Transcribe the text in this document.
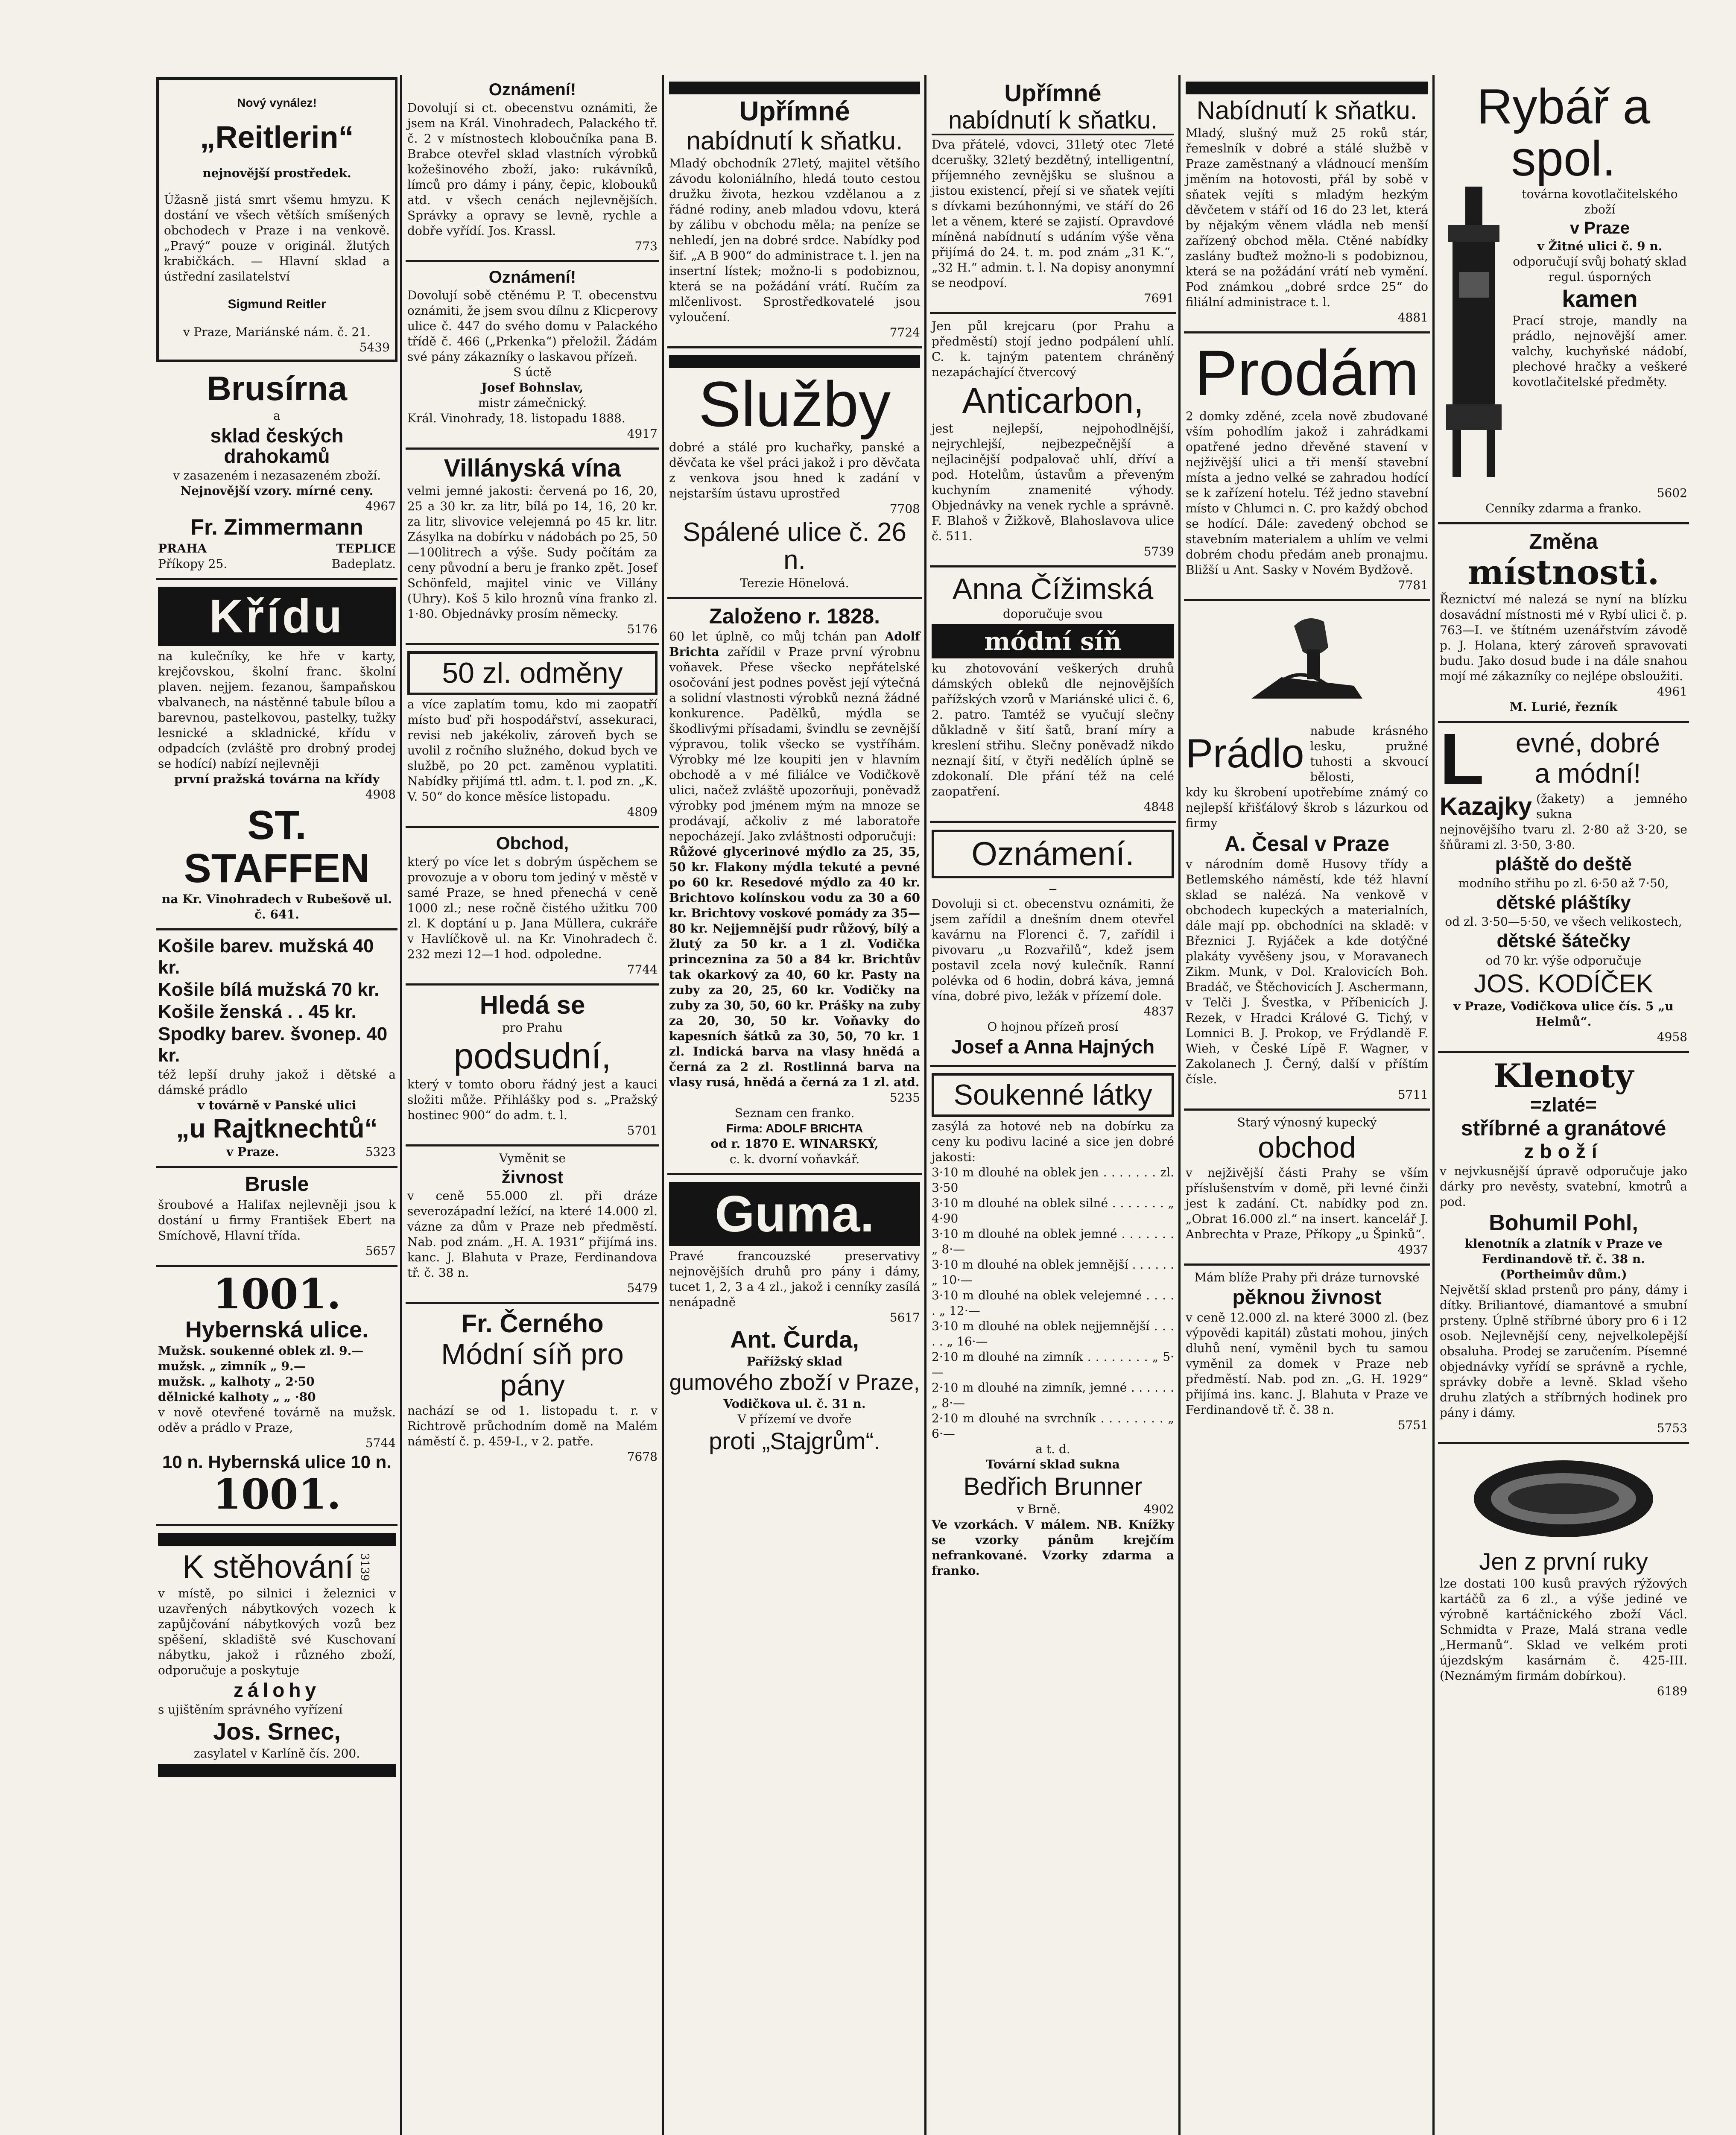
Nový vynález!

„Reitlerin“

nejnovější prostředek.

Úžasně jistá smrt všemu hmyzu. K dostání ve všech větších smíšených obchodech v Praze i na venkově. „Pravý“ pouze v originál. žlutých krabičkách. — Hlavní sklad a ústřední zasilatelství

Sigmund Reitler

v Praze, Mariánské nám. č. 21.

5439

Brusírna

a

sklad českých drahokamů

v zasazeném i nezasazeném zboží.

Nejnovější vzory. mírné ceny.

4967

Fr. Zimmermann

PRAHA	TEPLICE
Příkopy 25.	Badeplatz.
Křídu

na kulečníky, ke hře v karty, krejčovskou, školní franc. školní plaven. nejjem. fezanou, šampaňskou vbalvanech, na nástěnné tabule bílou a barevnou, pastelkovou, pastelky, tužky lesnické a skladnické, křídu v odpadcích (zvláště pro drobný prodej se hodící) nabízí nejlevněji

první pražská továrna na křídy

4908

ST. STAFFEN

na Kr. Vinohradech v Rubešově ul. č. 641.

Košile barev. mužská 40 kr.

Košile bílá mužská 70 kr.

Košile ženská . . 45 kr.

Spodky barev. švonep. 40 kr.

též lepší druhy jakož i dětské a dámské prádlo

v továrně v Panské ulici

„u Rajtknechtů“

v Praze.	5323

Brusle

šroubové a Halifax nejlevněji jsou k dostání u firmy František Ebert na Smíchově, Hlavní třída.

5657

1001.

Hybernská ulice.

Mužsk. soukenné oblek zl. 9.—

mužsk. „ zimník „ 9.—

mužsk. „ kalhoty „ 2·50

dělnické kalhoty „ „ ·80

v nově otevřené továrně na mužsk. oděv a prádlo v Praze,

5744

10 n. Hybernská ulice 10 n.

1001.

K stěhování 3139

v místě, po silnici i železnici v uzavřených nábytkových vozech k zapůjčování nábytkových vozů bez spěšení, skladiště své Kuschovaní nábytku, jakož i různého zboží, odporučuje a poskytuje

zálohy

s ujištěním správného vyřízení

Jos. Srnec,

zasylatel v Karlíně čís. 200.

Oznámení!

Dovolují si ct. obecenstvu oznámiti, že jsem na Král. Vinohradech, Palackého tř. č. 2 v místnostech kloboučníka pana B. Brabce otevřel sklad vlastních výrobků kožešinového zboží, jako: rukávníků, límců pro dámy i pány, čepic, klobouků atd. v všech cenách nejlevnějších. Správky a opravy se levně, rychle a dobře vyřídí. Jos. Krassl.

773

Oznámení!

Dovolují sobě ctěnému P. T. obecenstvu oznámiti, že jsem svou dílnu z Klicperovy ulice č. 447 do svého domu v Palackého třídě č. 466 („Prkenka“) přeložil. Žádám své pány zákazníky o laskavou přízeň.

S úctě

Josef Bohnslav,

mistr zámečnický.

Král. Vinohrady, 18. listopadu 1888.

4917

Villányská vína

velmi jemné jakosti: červená po 16, 20, 25 a 30 kr. za litr, bílá po 14, 16, 20 kr. za litr, slivovice velejemná po 45 kr. litr. Zásylka na dobírku v nádobách po 25, 50—100litrech a výše. Sudy počítám za ceny původní a beru je franko zpět. Josef Schönfeld, majitel vinic ve Villány (Uhry). Koš 5 kilo hroznů vína franko zl. 1·80. Objednávky prosím německy.

5176

50 zl. odměny

a více zaplatím tomu, kdo mi zaopatří místo buď při hospodářství, assekuraci, revisi neb jakékoliv, zároveň bych se uvolil z ročního služného, dokud bych ve službě, po 20 pct. zaměnou vyplatiti. Nabídky přijímá ttl. adm. t. l. pod zn. „K. V. 50“ do konce měsíce listopadu.

4809

Obchod,

který po více let s dobrým úspěchem se provozuje a v oboru tom jediný v městě v samé Praze, se hned přenechá v ceně 1000 zl.; nese ročně čistého užitku 700 zl. K doptání u p. Jana Müllera, cukráře v Havlíčkově ul. na Kr. Vinohradech č. 232 mezi 12—1 hod. odpoledne.

7744

Hledá se

pro Prahu

podsudní,

který v tomto oboru řádný jest a kauci složiti může. Přihlášky pod s. „Pražský hostinec 900“ do adm. t. l.

5701

Vyměnit se

živnost

v ceně 55.000 zl. při dráze severozápadní ležící, na které 14.000 zl. vázne za dům v Praze neb předměstí. Nab. pod znám. „H. A. 1931“ přijímá ins. kanc. J. Blahuta v Praze, Ferdinandova tř. č. 38 n.

5479

Fr. Černého

Módní síň pro pány

nachází se od 1. listopadu t. r. v Richtrově průchodním domě na Malém náměstí č. p. 459-I., v 2. patře.

7678

Upřímné

nabídnutí k sňatku.

Mladý obchodník 27letý, majitel většího závodu koloniálního, hledá touto cestou družku života, hezkou vzdělanou a z řádné rodiny, aneb mladou vdovu, která by zálibu v obchodu měla; na peníze se nehledí, jen na dobré srdce. Nabídky pod šif. „A B 900“ do administrace t. l. jen na insertní lístek; možno-li s podobiznou, která se na požádání vrátí. Ručím za mlčenlivost. Sprostředkovatelé jsou vyloučení.

7724

Služby

dobré a stálé pro kuchařky, panské a děvčata ke všel práci jakož i pro děvčata z venkova jsou hned k zadání v nejstarším ústavu uprostřed

7708

Spálené ulice č. 26 n.

Terezie Hönelová.

Založeno r. 1828.

60 let úplně, co můj tchán pan Adolf Brichta zařídil v Praze první výrobnu voňavek. Přese všecko nepřátelské osočování jest podnes pověst její výtečná a solidní vlastnosti výrobků nezná žádné konkurence. Padělků, mýdla se škodlivými přísadami, švindlu se zevnější výpravou, tolik všecko se vystříhám. Výrobky mé lze koupiti jen v hlavním obchodě a v mé filiálce ve Vodičkově ulici, načež zvláště upozorňuji, poněvadž výrobky pod jménem mým na mnoze se prodávají, ačkoliv z mé laboratoře nepocházejí. Jako zvláštnosti odporučuji:

Růžové glycerinové mýdlo za 25, 35, 50 kr. Flakony mýdla tekuté a pevné po 60 kr. Resedové mýdlo za 40 kr. Brichtovo kolínskou vodu za 30 a 60 kr. Brichtovy voskové pomády za 35—80 kr. Nejjemnější pudr růžový, bílý a žlutý za 50 kr. a 1 zl. Vodička princeznina za 50 a 84 kr. Brichtův tak okarkový za 40, 60 kr. Pasty na zuby za 20, 25, 60 kr. Vodičky na zuby za 30, 50, 60 kr. Prášky na zuby za 20, 30, 50 kr. Voňavky do kapesních šátků za 30, 50, 70 kr. 1 zl. Indická barva na vlasy hnědá a černá za 2 zl. Rostlinná barva na vlasy rusá, hnědá a černá za 1 zl. atd.

5235

Seznam cen franko.

Firma: ADOLF BRICHTA

od r. 1870 E. WINARSKÝ,

c. k. dvorní voňavkář.

Guma.

Pravé francouzské preservativy nejnovějších druhů pro pány i dámy, tucet 1, 2, 3 a 4 zl., jakož i cenníky zasílá nenápadně

5617

Ant. Čurda,

Pařížský sklad

gumového zboží v Praze,

Vodičkova ul. č. 31 n.

V přízemí ve dvoře

proti „Stajgrům“.

Upřímné

nabídnutí k sňatku.

Dva přátelé, vdovci, 31letý otec 7leté dcerušky, 32letý bezdětný, intelligentní, příjemného zevnějšku se slušnou a jistou existencí, přejí si ve sňatek vejíti s dívkami bezúhonnými, ve stáří do 26 let a věnem, které se zajistí. Opravdové míněná nabídnutí s udáním výše věna přijímá do 24. t. m. pod znám „31 K.“, „32 H.“ admin. t. l. Na dopisy anonymní se neodpoví.

7691

Jen půl krejcaru (por Prahu a předměstí) stojí jedno podpálení uhlí. C. k. tajným patentem chráněný nezapáchající čtvercový

Anticarbon,

jest nejlepší, nejpohodlnější, nejrychlejší, nejbezpečnější a nejlacinější podpalovač uhlí, dříví a pod. Hotelům, ústavům a převeným kuchyním znamenité výhody. Objednávky na venek rychle a správně. F. Blahoš v Žižkově, Blahoslavova ulice č. 511.

5739

Anna Čížimská

doporučuje svou

módní síň

ku zhotovování veškerých druhů dámských obleků dle nejnovějších pařížských vzorů v Mariánské ulici č. 6, 2. patro. Tamtéž se vyučují slečny důkladně v šití šatů, braní míry a kreslení střihu. Slečny poněvadž nikdo neznají šití, v čtyři nedělích úplně se zdokonalí. Dle přání též na celé zaopatření.

4848

Oznámení.

–

Dovoluji si ct. obecenstvu oznámiti, že jsem zařídil a dnešním dnem otevřel kavárnu na Florenci č. 7, zařídil i pivovaru „u Rozvařilů“, kdež jsem postavil zcela nový kulečník. Ranní polévka od 6 hodin, dobrá káva, jemná vína, dobré pivo, ležák v přízemí dole.

4837

O hojnou přízeň prosí

Josef a Anna Hajných

Soukenné látky

zasýlá za hotové neb na dobírku za ceny ku podivu laciné a sice jen dobré jakosti:

3·10 m dlouhé na oblek jen . . . . . . . zl. 3·50

3·10 m dlouhé na oblek silné . . . . . . . „ 4·90

3·10 m dlouhé na oblek jemné . . . . . . . „ 8·—

3·10 m dlouhé na oblek jemnější . . . . . . „ 10·—

3·10 m dlouhé na oblek velejemné . . . . . „ 12·—

3·10 m dlouhé na oblek nejjemnější . . . . . „ 16·—

2·10 m dlouhé na zimník . . . . . . . . „ 5·—

2·10 m dlouhé na zimník, jemné . . . . . . „ 8·—

2·10 m dlouhé na svrchník . . . . . . . . „ 6·—

a t. d.

Tovární sklad sukna

Bedřich Brunner

v Brně.	4902

Ve vzorkách. V málem. NB. Knížky se vzorky pánům krejčím nefrankované. Vzorky zdarma a franko.

Nabídnutí k sňatku.

Mladý, slušný muž 25 roků stár, řemeslník v dobré a stálé službě v Praze zaměstnaný a vládnoucí menším jměním na hotovosti, přál by sobě v sňatek vejíti s mladým hezkým děvčetem v stáří od 16 do 23 let, která by nějakým věnem vládla neb menší zařízený obchod měla. Ctěné nabídky zaslány buďtež možno-li s podobiznou, která se na požádání vrátí neb vymění. Pod známkou „dobré srdce 25“ do filiální administrace t. l.

4881

Prodám

2 domky zděné, zcela nově zbudované vším pohodlím jakož i zahrádkami opatřené jedno dřevěné stavení v nejživější ulici a tři menší stavební místa a jedno velké se zahradou hodící se k zařízení hotelu. Též jedno stavební místo v Chlumci n. C. pro každý obchod se hodící. Dále: zavedený obchod se stavebním materialem a uhlím ve velmi dobrém chodu předám aneb pronajmu. Bližší u Ant. Sasky v Novém Bydžově.

7781

Prádlo
nabude krásného lesku, pružné tuhosti a skvoucí bělosti,

kdy ku škrobení upotřebíme známý co nejlepší křišťálový škrob s lázurkou od firmy

A. Česal v Praze

v národním domě Husovy třídy a Betlemského náměstí, kde též hlavní sklad se nalézá. Na venkově v obchodech kupeckých a materialních, dále mají pp. obchodníci na skladě: v Březnici J. Ryjáček a kde dotýčné plakáty vyvěšeny jsou, v Moravanech Zikm. Munk, v Dol. Kralovicích Boh. Bradáč, ve Štěchovicích J. Aschermann, v Telči J. Švestka, v Příbenicích J. Rezek, v Hradci Králové G. Tichý, v Lomnici B. J. Prokop, ve Frýdlandě F. Wieh, v České Lípě F. Wagner, v Zakolanech J. Černý, další v příštím čísle.

5711

Starý výnosný kupecký

obchod

v nejživější části Prahy se vším příslušenstvím v domě, při levné činži jest k zadání. Ct. nabídky pod zn. „Obrat 16.000 zl.“ na insert. kancelář J. Anbrechta v Praze, Příkopy „u Špinků“.

4937

Mám blíže Prahy při dráze turnovské

pěknou živnost

v ceně 12.000 zl. na které 3000 zl. (bez výpovědi kapitál) zůstati mohou, jiných dluhů není, vyměnil bych tu samou vyměnil za domek v Praze neb předměstí. Nab. pod zn. „G. H. 1929“ přijímá ins. kanc. J. Blahuta v Praze ve Ferdinandově tř. č. 38 n.

5751

Rybář a spol.

továrna kovotlačitelského zboží

v Praze

v Žitné ulici č. 9 n.

odporučují svůj bohatý sklad regul. úsporných

kamen

Prací stroje, mandly na prádlo, nejnovější amer. valchy, kuchyňské nádobí, plechové hračky a veškeré kovotlačitelské předměty.

5602

Cenníky zdarma a franko.

Změna

místnosti.

Řeznictví mé nalezá se nyní na blízku dosavádní místnosti mé v Rybí ulici č. p. 763—I. ve štítném uzenářstvím závodě p. J. Holana, který zároveň spravovati budu. Jako dosud bude i na dále snahou mojí mé zákazníky co nejlépe obsloužiti.

4961

M. Lurié, řezník

L	evné, dobré

a módní!

Kazajky (žakety) a jemného sukna

nejnovějšího tvaru zl. 2·80 až 3·20, se šňůrami zl. 3·50, 3·80.

pláště do deště

modního střihu po zl. 6·50 až 7·50,

dětské pláštíky

od zl. 3·50—5·50, ve všech velikostech,

dětské šátečky

od 70 kr. výše odporučuje

JOS. KODÍČEK

v Praze, Vodičkova ulice čís. 5 „u Helmů“.

4958

Klenoty

=zlaté=

stříbrné a granátové

zboží

v nejvkusnější úpravě odporučuje jako dárky pro nevěsty, svatební, kmotrů a pod.

Bohumil Pohl,

klenotník a zlatník v Praze ve Ferdinandově tř. č. 38 n. (Portheimův dům.)

Největší sklad prstenů pro pány, dámy i dítky. Briliantové, diamantové a smubní prsteny. Úplně stříbrné úbory pro 6 i 12 osob. Nejlevnější ceny, nejvelkolepější obsaluha. Prodej se zaručením. Písemné objednávky vyřídí se správně a rychle, správky dobře a levně. Sklad všeho druhu zlatých a stříbrných hodinek pro pány i dámy.

5753

Jen z první ruky

lze dostati 100 kusů pravých rýžových kartáčů za 6 zl., a výše jediné ve výrobně kartáčnického zboží Václ. Schmidta v Praze, Malá strana vedle „Hermanů“. Sklad ve velkém proti újezdským kasárnám č. 425-III. (Neznámým firmám dobírkou).

6189
